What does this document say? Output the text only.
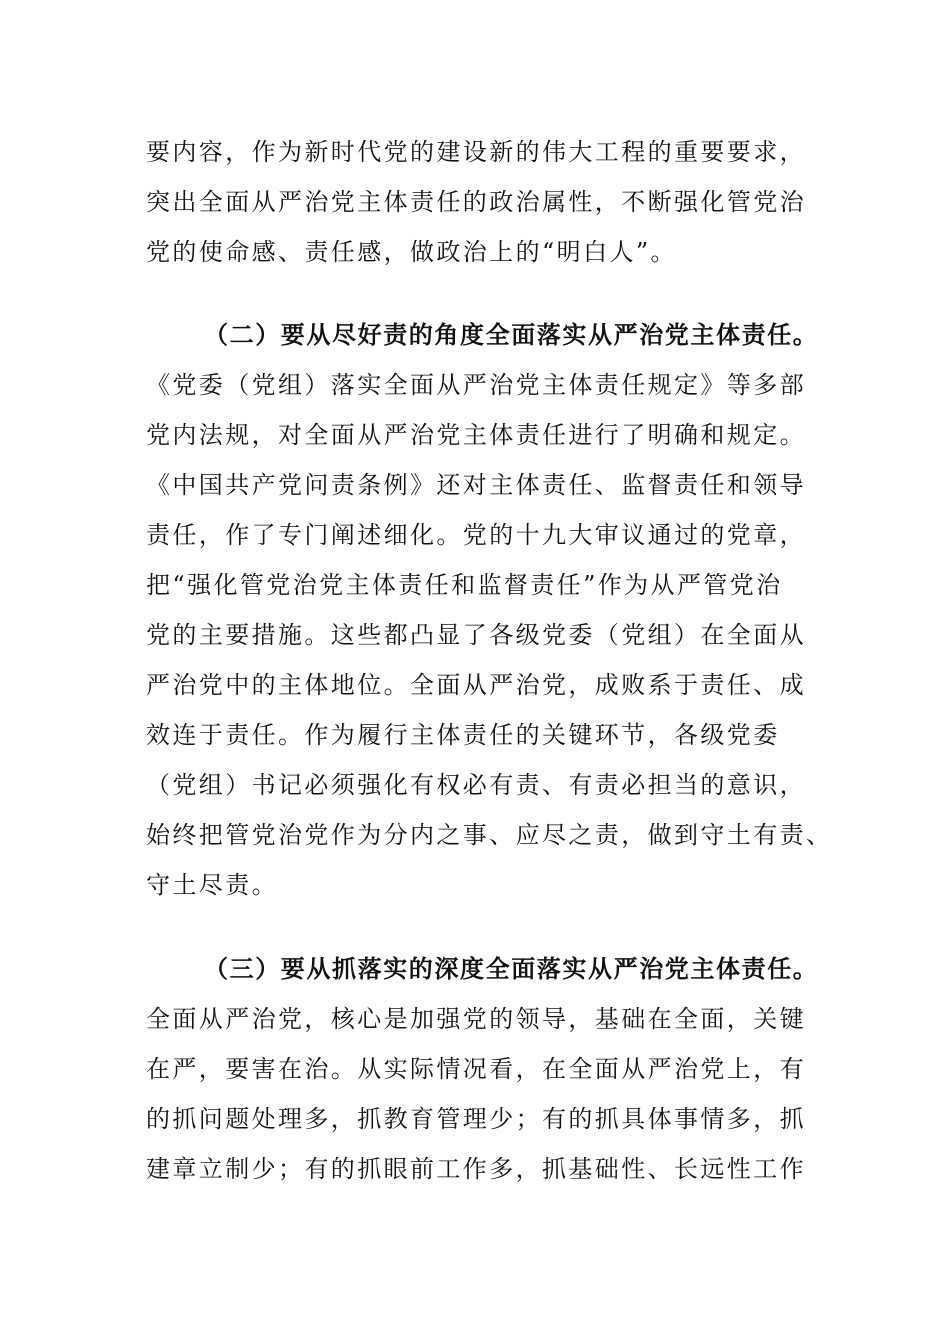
要内容，作为新时代党的建设新的伟大工程的重要要求，
突出全面从严治党主体责任的政治属性，不断强化管党治
党的使命感、责任感，做政治上的“明白人”。
（二）要从尽好责的角度全面落实从严治党主体责任。
《党委（党组）落实全面从严治党主体责任规定》等多部
党内法规，对全面从严治党主体责任进行了明确和规定。
《中国共产党问责条例》还对主体责任、监督责任和领导
责任，作了专门阐述细化。党的十九大审议通过的党章，
把“强化管党治党主体责任和监督责任”作为从严管党治
党的主要措施。这些都凸显了各级党委（党组）在全面从
严治党中的主体地位。全面从严治党，成败系于责任、成
效连于责任。作为履行主体责任的关键环节，各级党委
（党组）书记必须强化有权必有责、有责必担当的意识，
始终把管党治党作为分内之事、应尽之责，做到守土有责、
守土尽责。
（三）要从抓落实的深度全面落实从严治党主体责任。
全面从严治党，核心是加强党的领导，基础在全面，关键
在严，要害在治。从实际情况看，在全面从严治党上，有
的抓问题处理多，抓教育管理少；有的抓具体事情多，抓
建章立制少；有的抓眼前工作多，抓基础性、长远性工作
